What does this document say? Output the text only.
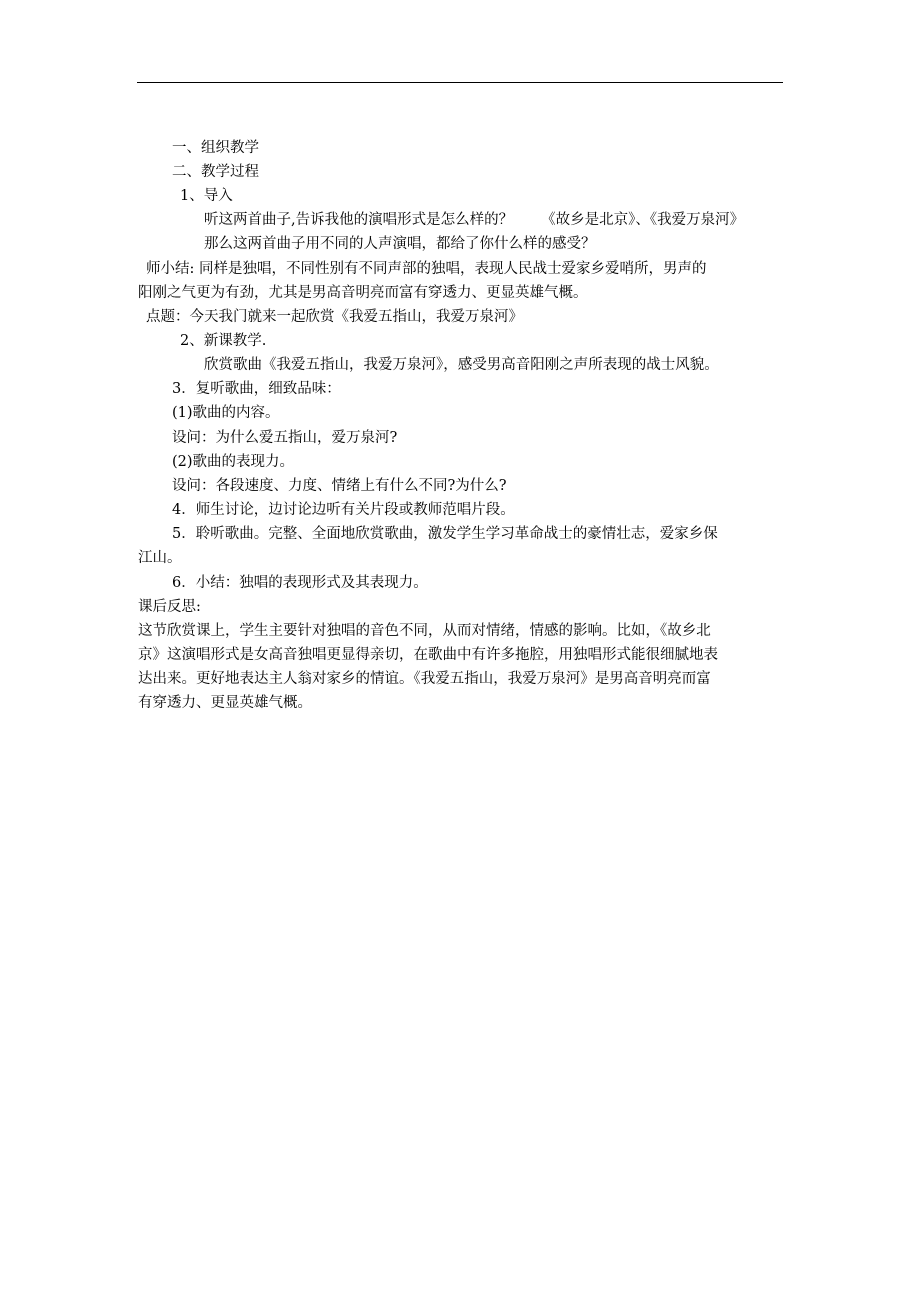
一、组织教学
二、教学过程
1、导入
听这两首曲子,告诉我他的演唱形式是怎么样的？ 《故乡是北京》、《我爱万泉河》
那么这两首曲子用不同的人声演唱，都给了你什么样的感受？
师小结: 同样是独唱，不同性别有不同声部的独唱，表现人民战士爱家乡爱哨所，男声的
阳刚之气更为有劲，尤其是男高音明亮而富有穿透力、更显英雄气概。
点题：今天我门就来一起欣赏《我爱五指山，我爱万泉河》
2、新课教学.
欣赏歌曲《我爱五指山，我爱万泉河》，感受男高音阳刚之声所表现的战士风貌。
3．复听歌曲，细致品味：
(1)歌曲的内容。
设问：为什么爱五指山，爱万泉河?
(2)歌曲的表现力。
设问：各段速度、力度、情绪上有什么不同?为什么?
4．师生讨论，边讨论边听有关片段或教师范唱片段。
5．聆听歌曲。完整、全面地欣赏歌曲，激发学生学习革命战士的豪情壮志，爱家乡保
江山。
6．小结：独唱的表现形式及其表现力。
课后反思:
这节欣赏课上，学生主要针对独唱的音色不同，从而对情绪，情感的影响。比如，《故乡北
京》这演唱形式是女高音独唱更显得亲切，在歌曲中有许多拖腔，用独唱形式能很细腻地表
达出来。更好地表达主人翁对家乡的情谊。《我爱五指山，我爱万泉河》是男高音明亮而富
有穿透力、更显英雄气概。
